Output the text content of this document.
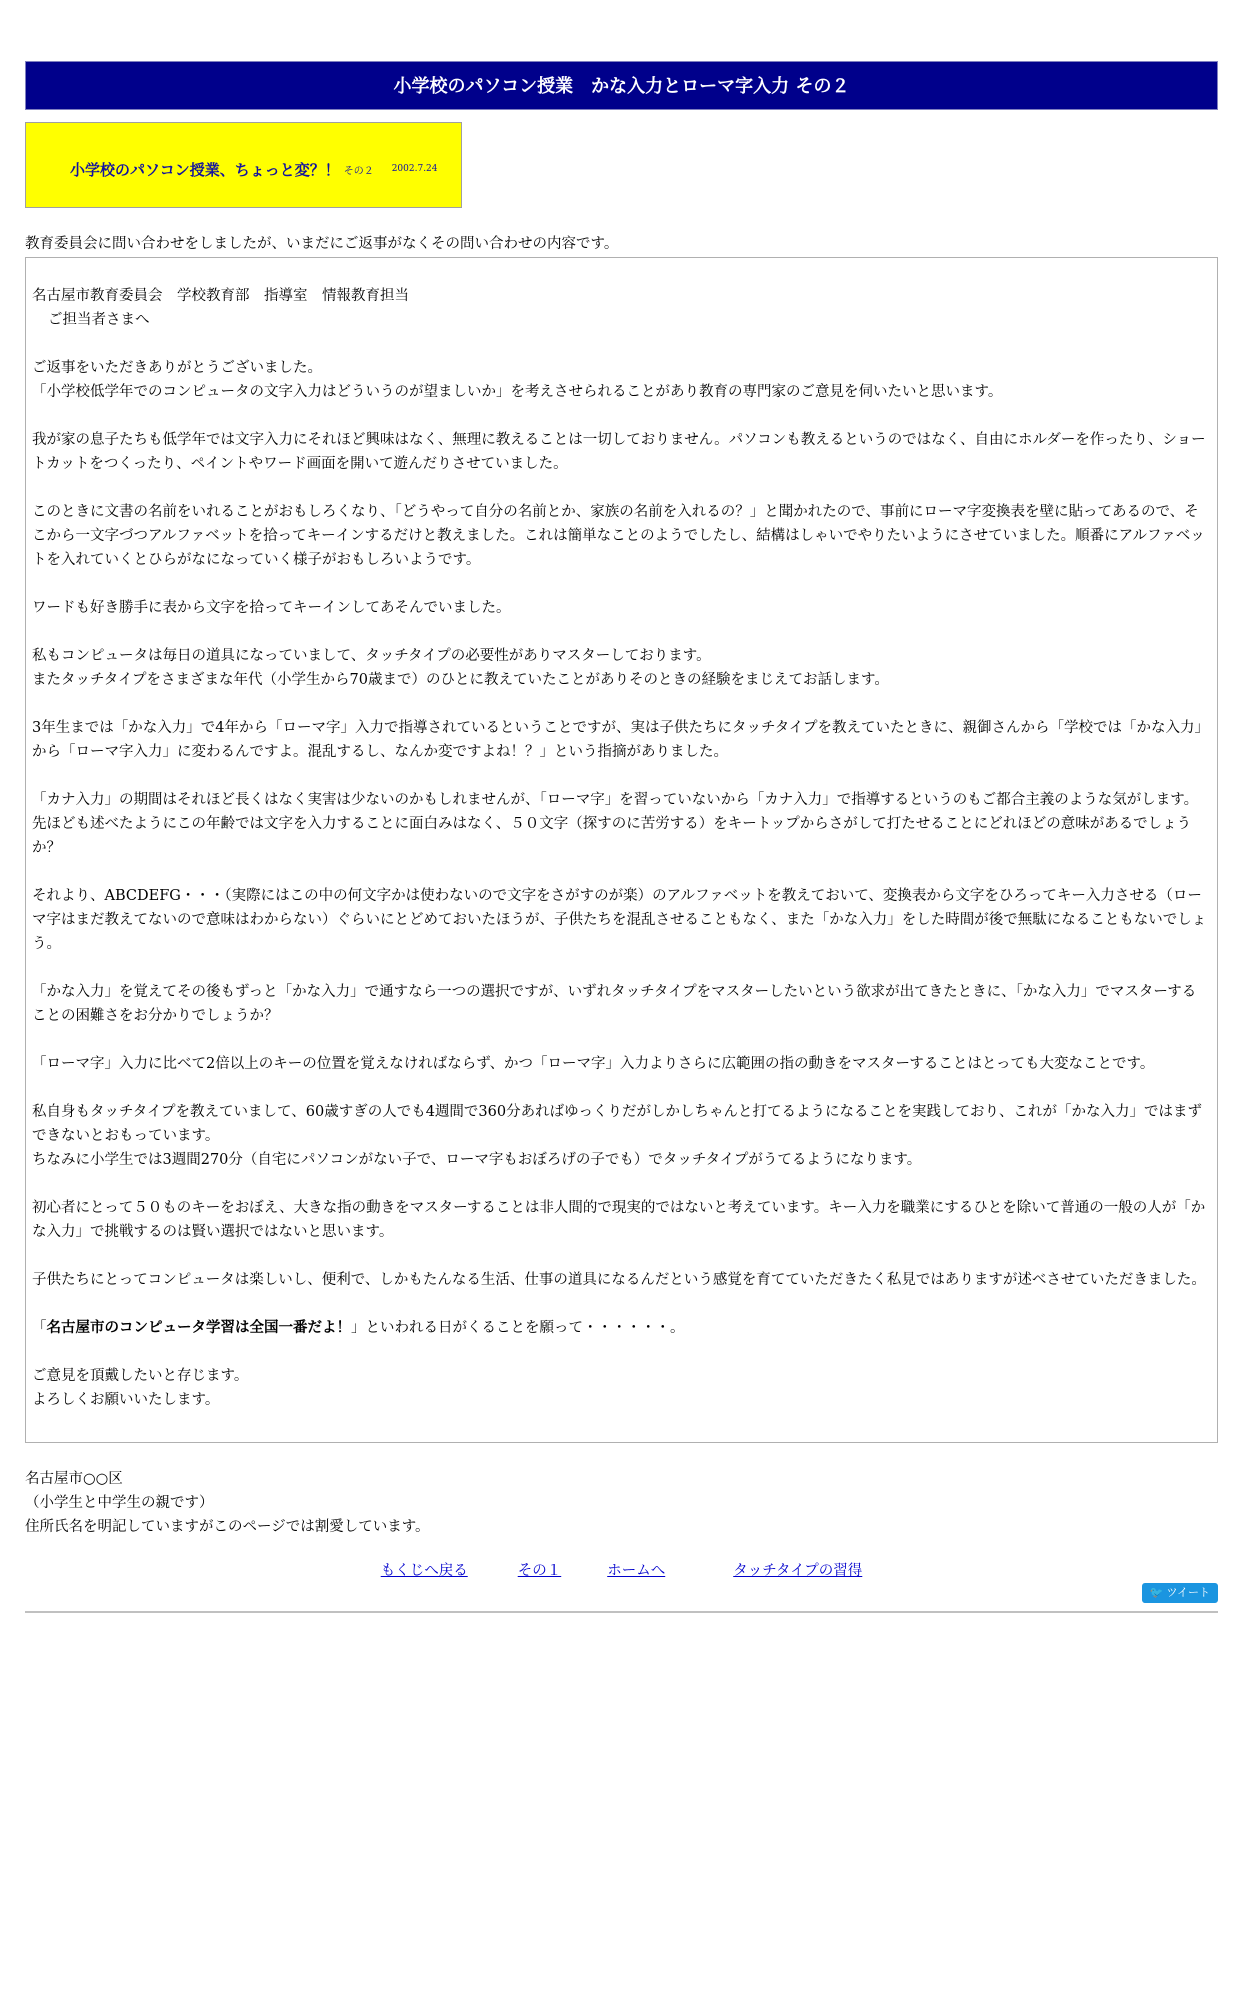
小学校のパソコン授業　かな入力とローマ字入力 その２
小学校のパソコン授業、ちょっと変？！ その２ 2002.7.24
教育委員会に問い合わせをしましたが、いまだにご返事がなくその問い合わせの内容です。

名古屋市教育委員会　学校教育部　指導室　情報教育担当

ご担当者さまへ

ご返事をいただきありがとうございました。

「小学校低学年でのコンピュータの文字入力はどういうのが望ましいか」を考えさせられることがあり教育の専門家のご意見を伺いたいと思います。

我が家の息子たちも低学年では文字入力にそれほど興味はなく、無理に教えることは一切しておりません。パソコンも教えるというのではなく、自由にホルダーを作ったり、ショートカットをつくったり、ペイントやワード画面を開いて遊んだりさせていました。

このときに文書の名前をいれることがおもしろくなり、「どうやって自分の名前とか、家族の名前を入れるの？」と聞かれたので、事前にローマ字変換表を壁に貼ってあるので、そこから一文字づつアルファベットを拾ってキーインするだけと教えました。これは簡単なことのようでしたし、結構はしゃいでやりたいようにさせていました。順番にアルファベットを入れていくとひらがなになっていく様子がおもしろいようです。

ワードも好き勝手に表から文字を拾ってキーインしてあそんでいました。

私もコンピュータは毎日の道具になっていまして、タッチタイプの必要性がありマスターしております。

またタッチタイプをさまざまな年代（小学生から70歳まで）のひとに教えていたことがありそのときの経験をまじえてお話します。

3年生までは「かな入力」で4年から「ローマ字」入力で指導されているということですが、実は子供たちにタッチタイプを教えていたときに、親御さんから「学校では「かな入力」から「ローマ字入力」に変わるんですよ。混乱するし、なんか変ですよね！？」という指摘がありました。

「カナ入力」の期間はそれほど長くはなく実害は少ないのかもしれませんが、「ローマ字」を習っていないから「カナ入力」で指導するというのもご都合主義のような気がします。

先ほども述べたようにこの年齢では文字を入力することに面白みはなく、５０文字（探すのに苦労する）をキートップからさがして打たせることにどれほどの意味があるでしょうか？

それより、ABCDEFG・・・（実際にはこの中の何文字かは使わないので文字をさがすのが楽）のアルファベットを教えておいて、変換表から文字をひろってキー入力させる（ローマ字はまだ教えてないので意味はわからない）ぐらいにとどめておいたほうが、子供たちを混乱させることもなく、また「かな入力」をした時間が後で無駄になることもないでしょう。

「かな入力」を覚えてその後もずっと「かな入力」で通すなら一つの選択ですが、いずれタッチタイプをマスターしたいという欲求が出てきたときに、「かな入力」でマスターすることの困難さをお分かりでしょうか？

「ローマ字」入力に比べて2倍以上のキーの位置を覚えなければならず、かつ「ローマ字」入力よりさらに広範囲の指の動きをマスターすることはとっても大変なことです。

私自身もタッチタイプを教えていまして、60歳すぎの人でも4週間で360分あればゆっくりだがしかしちゃんと打てるようになることを実践しており、これが「かな入力」ではまずできないとおもっています。

ちなみに小学生では3週間270分（自宅にパソコンがない子で、ローマ字もおぼろげの子でも）でタッチタイプがうてるようになります。

初心者にとって５０ものキーをおぼえ、大きな指の動きをマスターすることは非人間的で現実的ではないと考えています。キー入力を職業にするひとを除いて普通の一般の人が「かな入力」で挑戦するのは賢い選択ではないと思います。

子供たちにとってコンピュータは楽しいし、便利で、しかもたんなる生活、仕事の道具になるんだという感覚を育てていただきたく私見ではありますが述べさせていただきました。

「名古屋市のコンピュータ学習は全国一番だよ！」といわれる日がくることを願って・・・・・・。

ご意見を頂戴したいと存じます。

よろしくお願いいたします。

名古屋市○○区
（小学生と中学生の親です）
住所氏名を明記していますがこのページでは割愛しています。
もくじへ戻る	その１	ホームへ	タッチタイプの習得
🐦 ツイート
